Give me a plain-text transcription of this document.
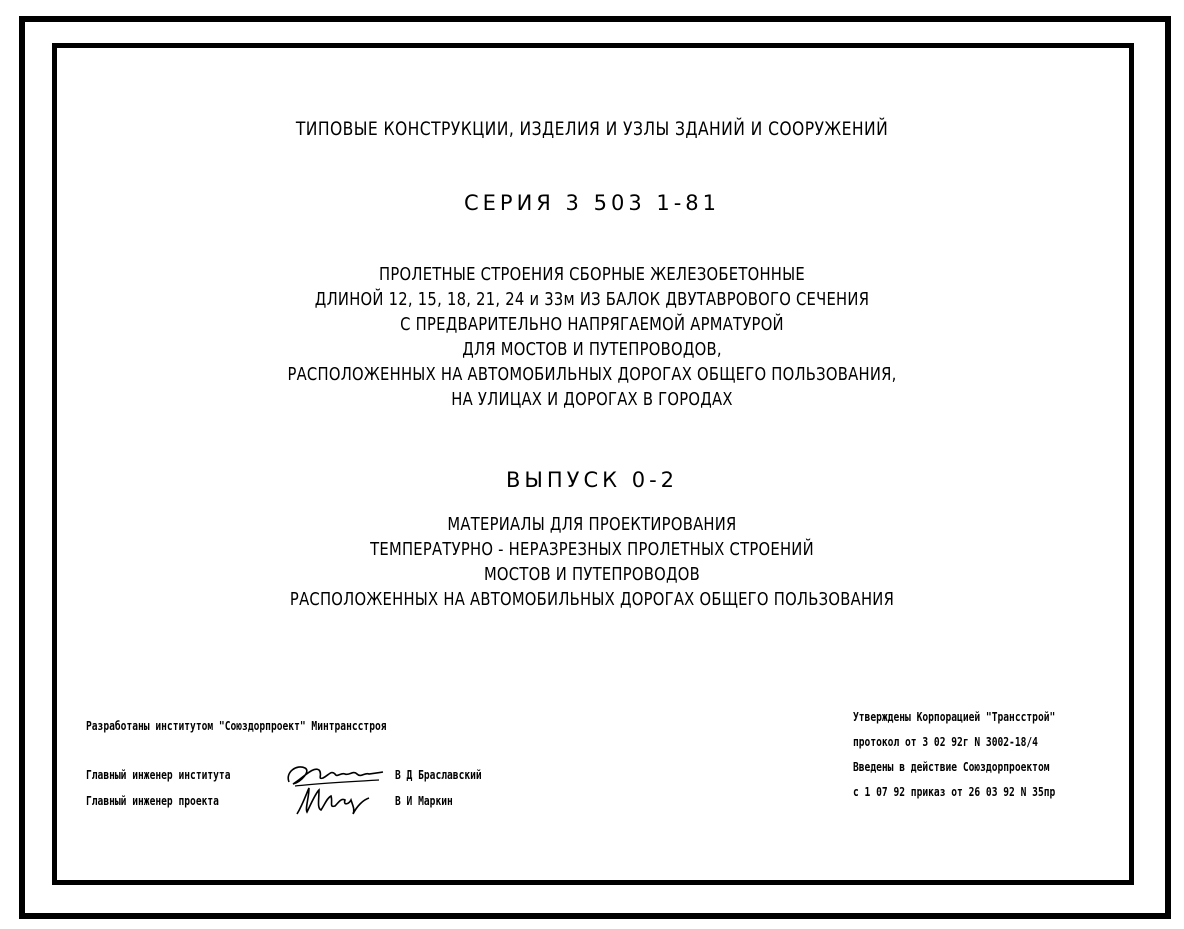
ТИПОВЫЕ КОНСТРУКЦИИ, ИЗДЕЛИЯ И УЗЛЫ ЗДАНИЙ И СООРУЖЕНИЙ
СЕРИЯ 3 503 1-81
ПРОЛЕТНЫЕ СТРОЕНИЯ СБОРНЫЕ ЖЕЛЕЗОБЕТОННЫЕ
ДЛИНОЙ 12, 15, 18, 21, 24 и 33м ИЗ БАЛОК ДВУТАВРОВОГО СЕЧЕНИЯ
С ПРЕДВАРИТЕЛЬНО НАПРЯГАЕМОЙ АРМАТУРОЙ
ДЛЯ МОСТОВ И ПУТЕПРОВОДОВ,
РАСПОЛОЖЕННЫХ НА АВТОМОБИЛЬНЫХ ДОРОГАХ ОБЩЕГО ПОЛЬЗОВАНИЯ,
НА УЛИЦАХ И ДОРОГАХ В ГОРОДАХ
ВЫПУСК 0-2
МАТЕРИАЛЫ ДЛЯ ПРОЕКТИРОВАНИЯ
ТЕМПЕРАТУРНО - НЕРАЗРЕЗНЫХ ПРОЛЕТНЫХ СТРОЕНИЙ
МОСТОВ И ПУТЕПРОВОДОВ
РАСПОЛОЖЕННЫХ НА АВТОМОБИЛЬНЫХ ДОРОГАХ ОБЩЕГО ПОЛЬЗОВАНИЯ
Разработаны институтом "Союздорпроект" Минтрансстроя
Главный инженер института	В Д Браславский
Главный инженер проекта	В И Маркин
Утверждены Корпорацией "Трансстрой"
протокол от 3 02 92г N 3002-18/4
Введены в действие Союздорпроектом
с 1 07 92 приказ от 26 03 92 N 35пр
